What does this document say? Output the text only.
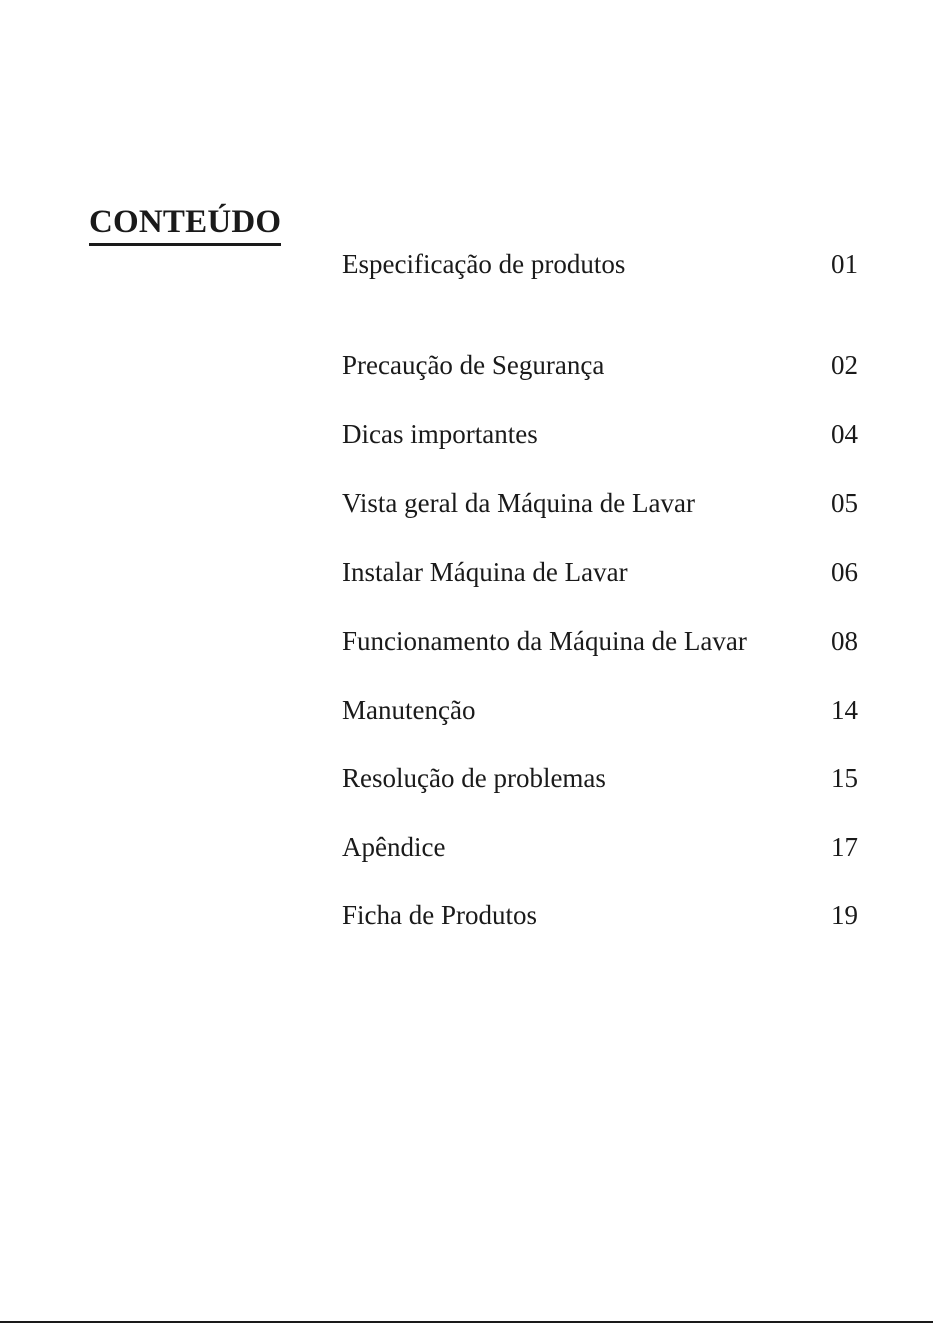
CONTEÚDO
Especificação de produtos	01
Precaução de Segurança	02
Dicas importantes	04
Vista geral da Máquina de Lavar	05
Instalar Máquina de Lavar	06
Funcionamento da Máquina de Lavar	08
Manutenção	14
Resolução de problemas	15
Apêndice	17
Ficha de Produtos	19
